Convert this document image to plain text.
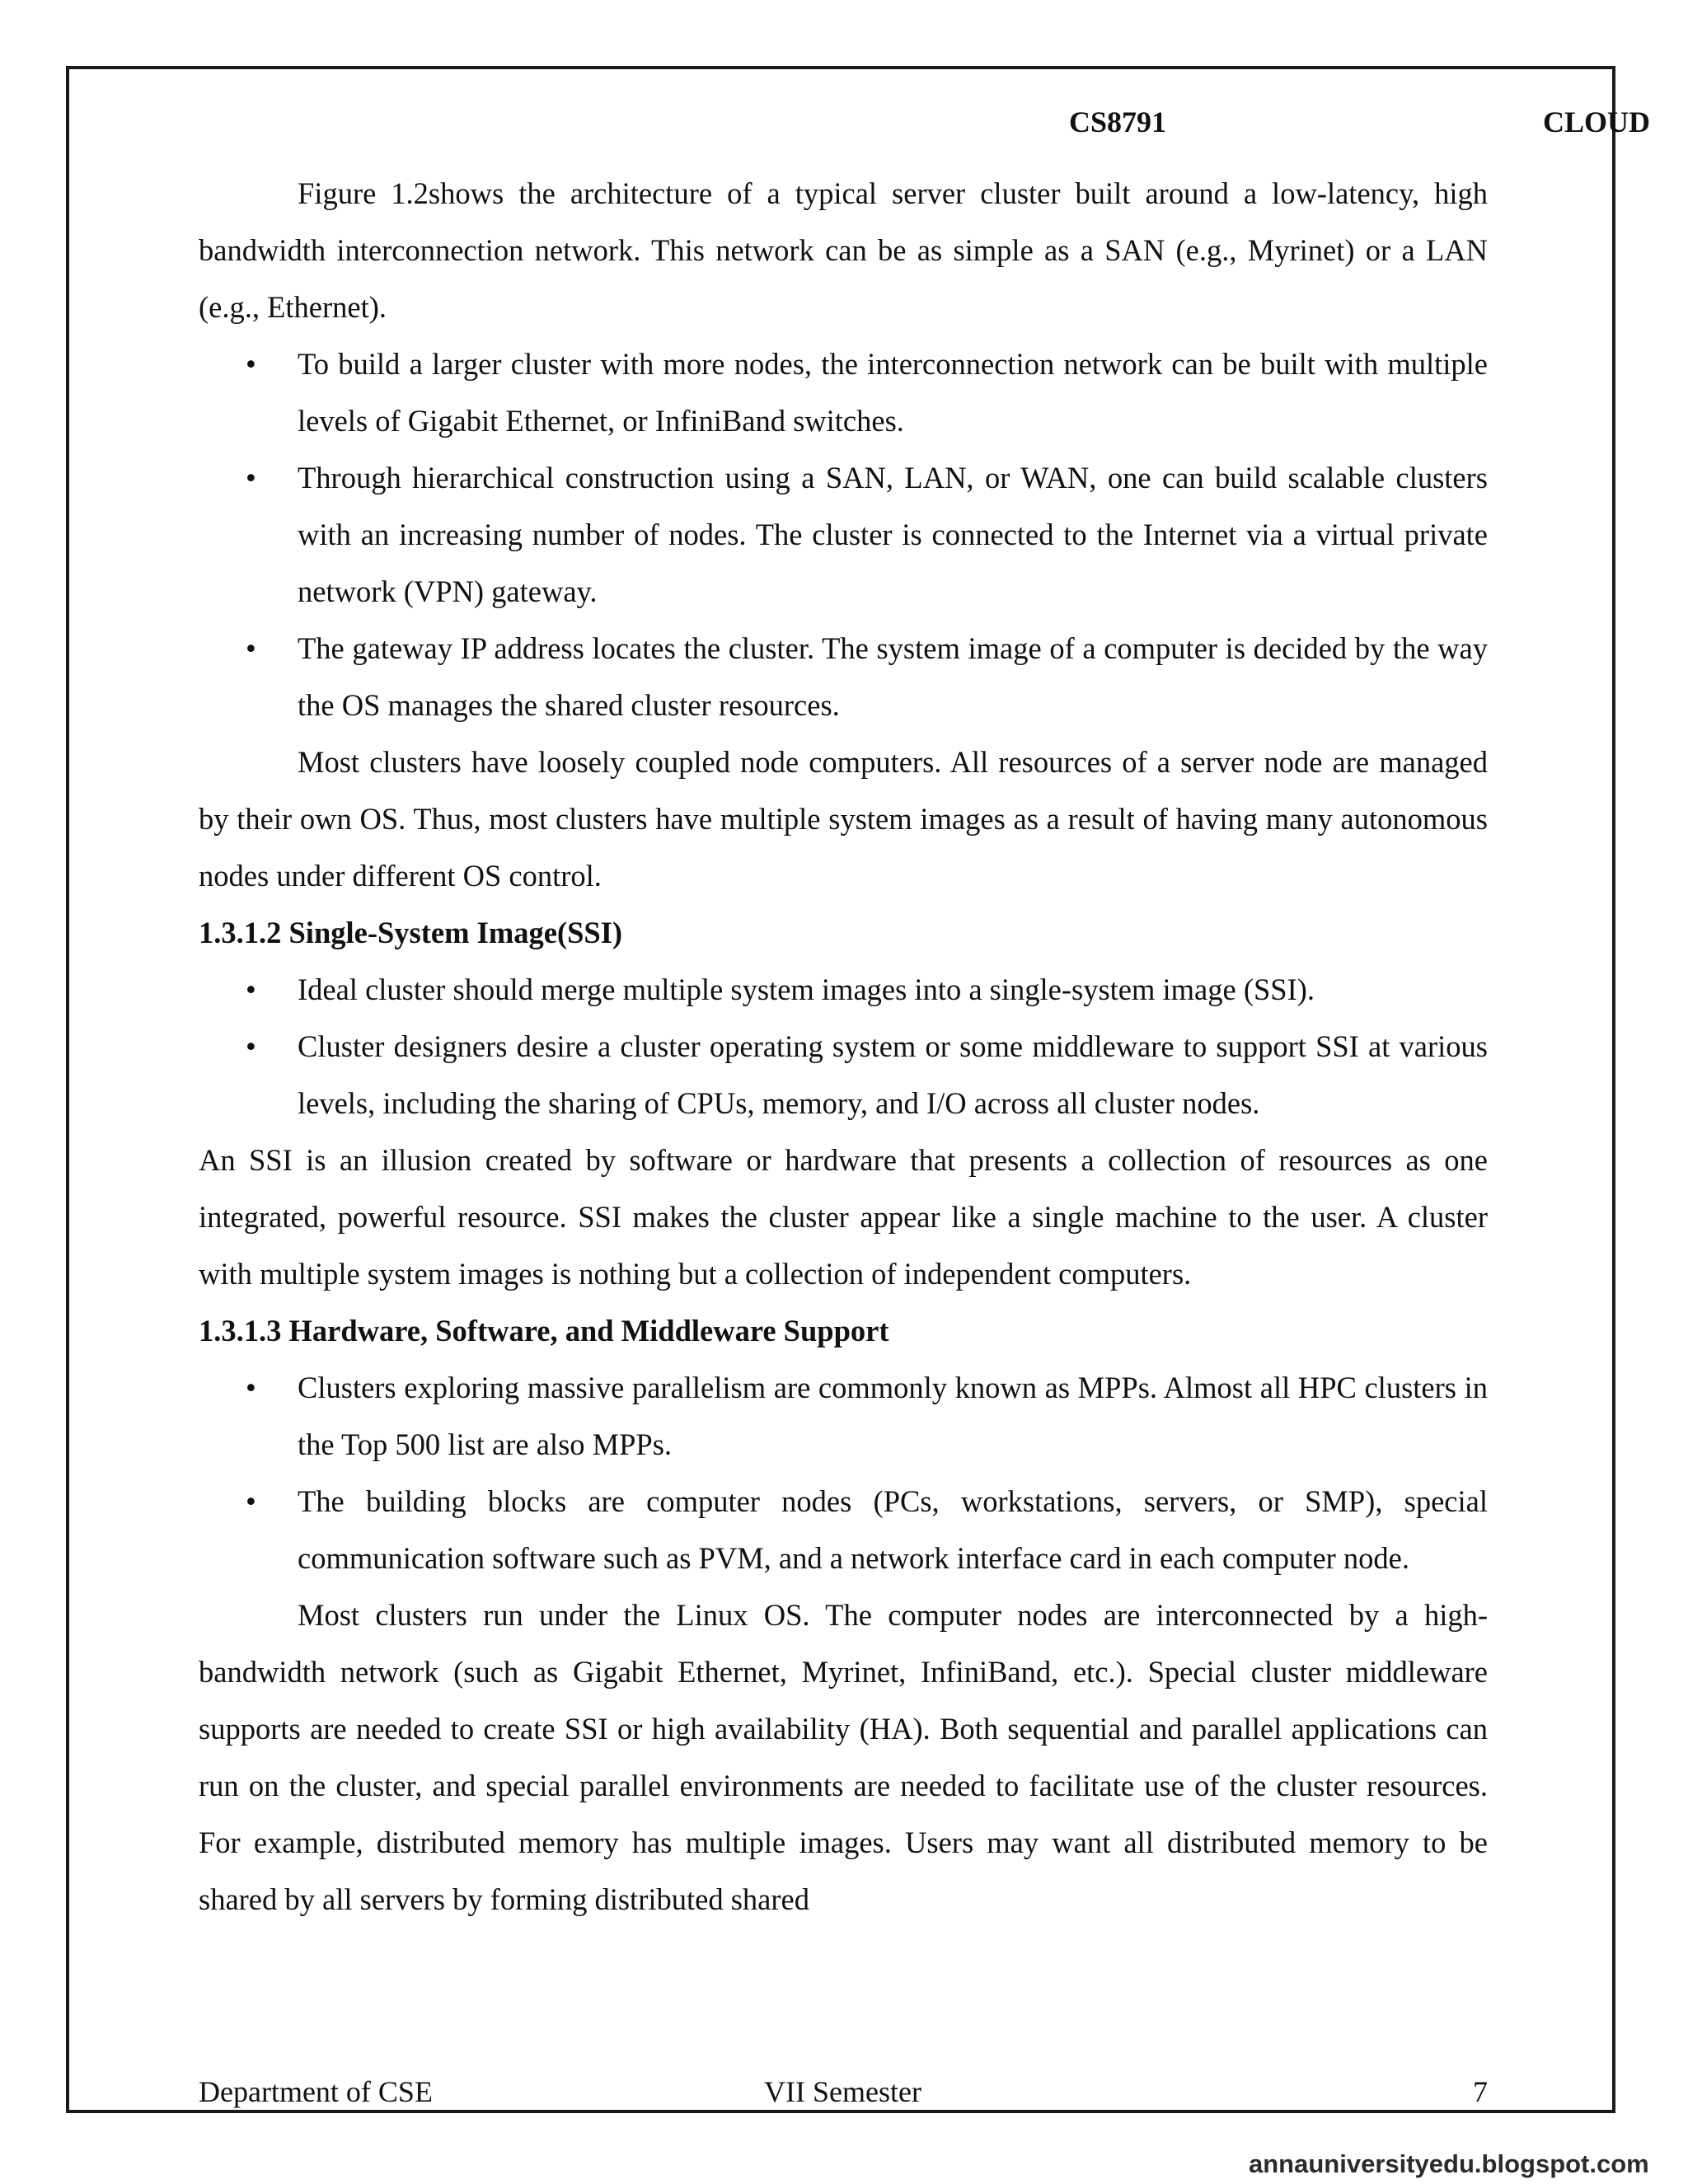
CS8791	CLOUD

Figure 1.2shows the architecture of a typical server cluster built around a low-latency, high bandwidth interconnection network. This network can be as simple as a SAN (e.g., Myrinet) or a LAN (e.g., Ethernet).

• To build a larger cluster with more nodes, the interconnection network can be built with multiple levels of Gigabit Ethernet, or InfiniBand switches.
• Through hierarchical construction using a SAN, LAN, or WAN, one can build scalable clusters with an increasing number of nodes. The cluster is connected to the Internet via a virtual private network (VPN) gateway.
• The gateway IP address locates the cluster. The system image of a computer is decided by the way the OS manages the shared cluster resources.

Most clusters have loosely coupled node computers. All resources of a server node are managed by their own OS. Thus, most clusters have multiple system images as a result of having many autonomous nodes under different OS control.

1.3.1.2 Single-System Image(SSI)

• Ideal cluster should merge multiple system images into a single-system image (SSI).
• Cluster designers desire a cluster operating system or some middleware to support SSI at various levels, including the sharing of CPUs, memory, and I/O across all cluster nodes.

An SSI is an illusion created by software or hardware that presents a collection of resources as one integrated, powerful resource. SSI makes the cluster appear like a single machine to the user. A cluster with multiple system images is nothing but a collection of independent computers.

1.3.1.3 Hardware, Software, and Middleware Support

• Clusters exploring massive parallelism are commonly known as MPPs. Almost all HPC clusters in the Top 500 list are also MPPs.
• The building blocks are computer nodes (PCs, workstations, servers, or SMP), special communication software such as PVM, and a network interface card in each computer node.

Most clusters run under the Linux OS. The computer nodes are interconnected by a high-bandwidth network (such as Gigabit Ethernet, Myrinet, InfiniBand, etc.). Special cluster middleware supports are needed to create SSI or high availability (HA). Both sequential and parallel applications can run on the cluster, and special parallel environments are needed to facilitate use of the cluster resources. For example, distributed memory has multiple images. Users may want all distributed memory to be shared by all servers by forming distributed shared

Department of CSE	VII Semester	7
annauniversityedu.blogspot.com
